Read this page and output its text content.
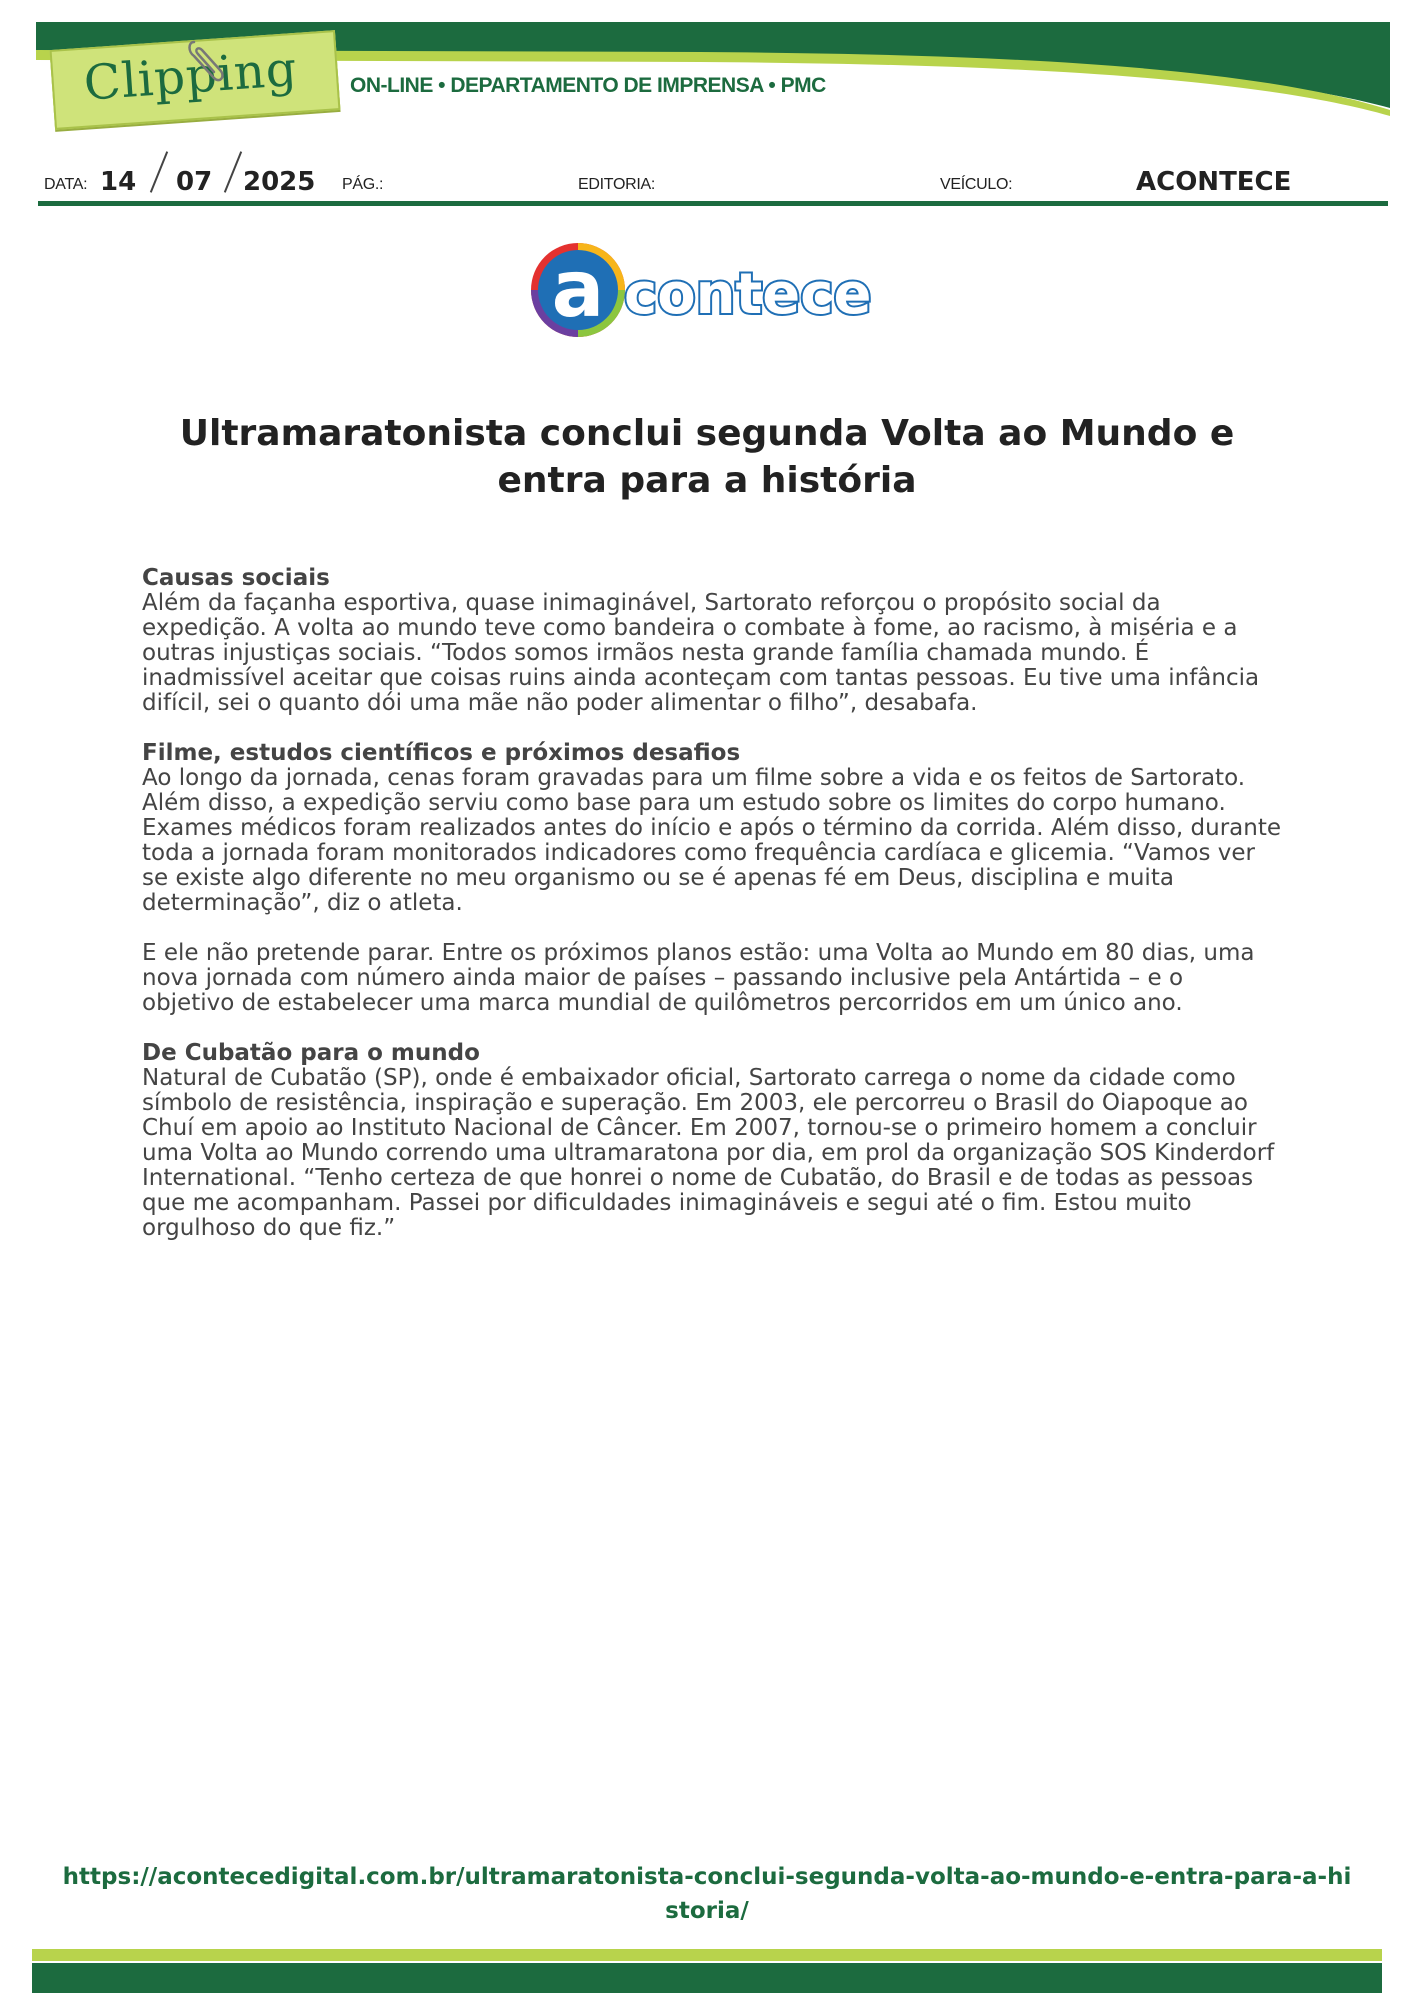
Clipping ON-LINE • DEPARTAMENTO DE IMPRENSA • PMC
DATA: 14 07 2025 PÁG.:	EDITORIA:	VEÍCULO:	ACONTECE
a contece
Ultramaratonista conclui segunda Volta ao Mundo e entra para a história
Causas sociais

Além da façanha esportiva, quase inimaginável, Sartorato reforçou o propósito social da expedição. A volta ao mundo teve como bandeira o combate à fome, ao racismo, à miséria e a outras injustiças sociais. “Todos somos irmãos nesta grande família chamada mundo. É inadmissível aceitar que coisas ruins ainda aconteçam com tantas pessoas. Eu tive uma infância difícil, sei o quanto dói uma mãe não poder alimentar o filho”, desabafa.

Filme, estudos científicos e próximos desafios

Ao longo da jornada, cenas foram gravadas para um filme sobre a vida e os feitos de Sartorato. Além disso, a expedição serviu como base para um estudo sobre os limites do corpo humano. Exames médicos foram realizados antes do início e após o término da corrida. Além disso, durante toda a jornada foram monitorados indicadores como frequência cardíaca e glicemia. “Vamos ver se existe algo diferente no meu organismo ou se é apenas fé em Deus, disciplina e muita determinação”, diz o atleta.

E ele não pretende parar. Entre os próximos planos estão: uma Volta ao Mundo em 80 dias, uma nova jornada com número ainda maior de países – passando inclusive pela Antártida – e o objetivo de estabelecer uma marca mundial de quilômetros percorridos em um único ano.

De Cubatão para o mundo

Natural de Cubatão (SP), onde é embaixador oficial, Sartorato carrega o nome da cidade como símbolo de resistência, inspiração e superação. Em 2003, ele percorreu o Brasil do Oiapoque ao Chuí em apoio ao Instituto Nacional de Câncer. Em 2007, tornou-se o primeiro homem a concluir uma Volta ao Mundo correndo uma ultramaratona por dia, em prol da organização SOS Kinderdorf International. “Tenho certeza de que honrei o nome de Cubatão, do Brasil e de todas as pessoas que me acompanham. Passei por dificuldades inimagináveis e segui até o fim. Estou muito orgulhoso do que fiz.”

https://acontecedigital.com.br/ultramaratonista-conclui-segunda-volta-ao-mundo-e-entra-para-a-historia/
